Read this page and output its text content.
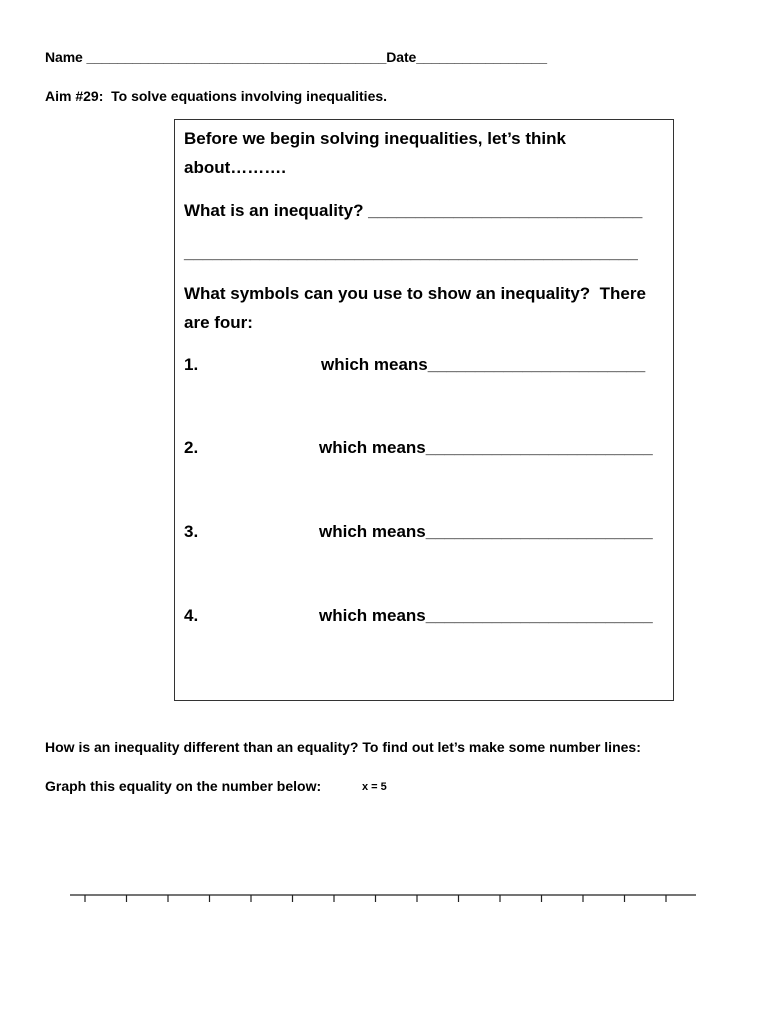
Name _______________________________________Date_________________
Aim #29:  To solve equations involving inequalities.
Before we begin solving inequalities, let’s think
about……….
What is an inequality? _____________________________
________________________________________________
What symbols can you use to show an inequality?  There
are four:
1.	which means_______________________
2.	which means________________________
3.	which means________________________
4.	which means________________________
How is an inequality different than an equality? To find out let’s make some number lines:
Graph this equality on the number below:	x = 5
